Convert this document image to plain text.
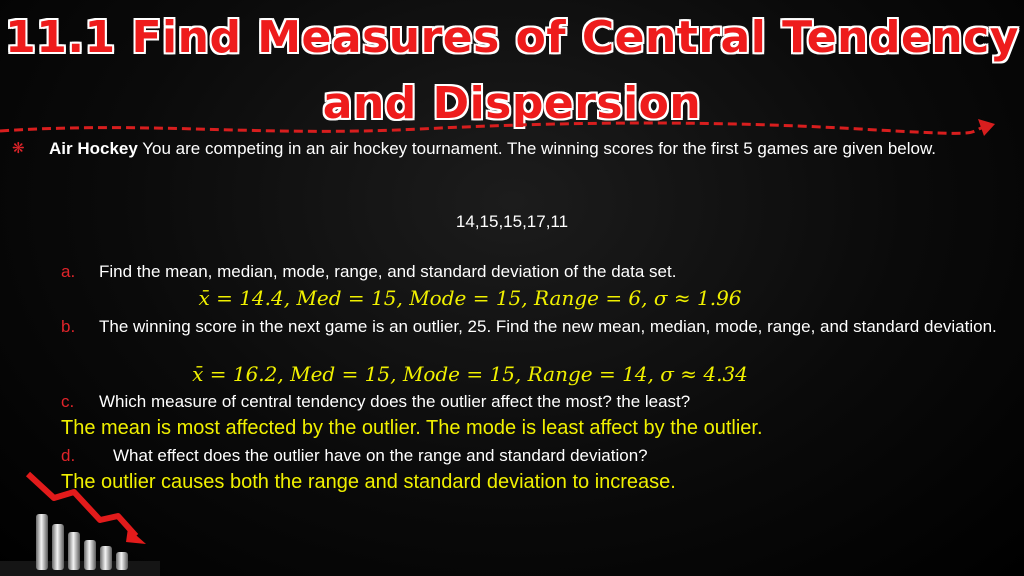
11.1 Find Measures of Central Tendency
and Dispersion
❋ Air Hockey You are competing in an air hockey tournament. The winning scores for the first 5 games are given below.

14,15,15,17,11
a. Find the mean, median, mode, range, and standard deviation of the data set.
x̄ = 14.4, Med = 15, Mode = 15, Range = 6, σ ≈ 1.96
b. The winning score in the next game is an outlier, 25. Find the new mean, median, mode, range, and standard deviation.
x̄ = 16.2, Med = 15, Mode = 15, Range = 14, σ ≈ 4.34
c. Which measure of central tendency does the outlier affect the most? the least?
The mean is most affected by the outlier. The mode is least affect by the outlier.
d. What effect does the outlier have on the range and standard deviation?
The outlier causes both the range and standard deviation to increase.
